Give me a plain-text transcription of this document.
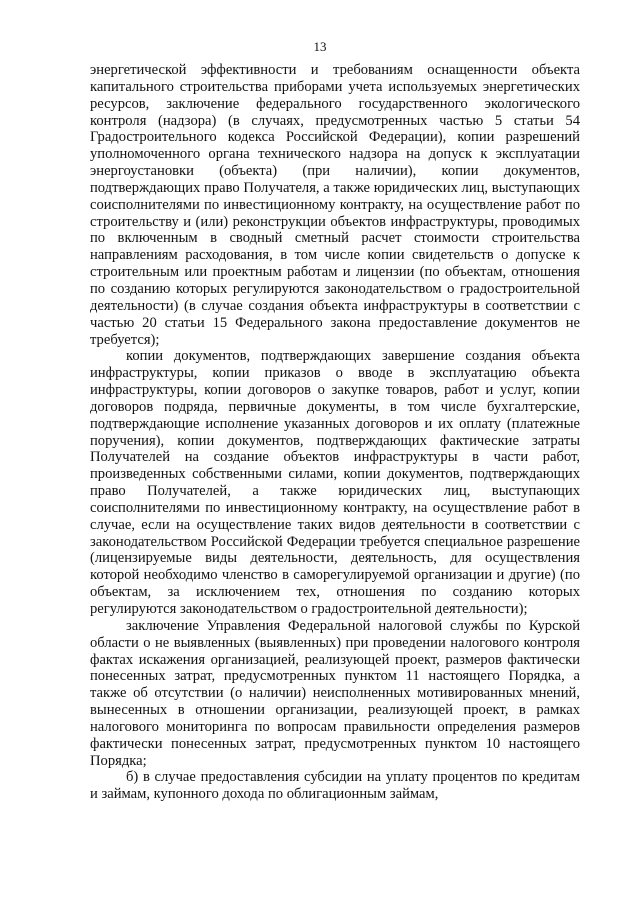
13

энергетической эффективности и требованиям оснащенности объекта капитального строительства приборами учета используемых энергетических ресурсов, заключение федерального государственного экологического контроля (надзора) (в случаях, предусмотренных частью 5 статьи 54 Градостроительного кодекса Российской Федерации), копии разрешений уполномоченного органа технического надзора на допуск к эксплуатации энергоустановки (объекта) (при наличии), копии документов, подтверждающих право Получателя, а также юридических лиц, выступающих соисполнителями по инвестиционному контракту, на осуществление работ по строительству и (или) реконструкции объектов инфраструктуры, проводимых по включенным в сводный сметный расчет стоимости строительства направлениям расходования, в том числе копии свидетельств о допуске к строительным или проектным работам и лицензии (по объектам, отношения по созданию которых регулируются законодательством о градостроительной деятельности) (в случае создания объекта инфраструктуры в соответствии с частью 20 статьи 15 Федерального закона предоставление документов не требуется);

копии документов, подтверждающих завершение создания объекта инфраструктуры, копии приказов о вводе в эксплуатацию объекта инфраструктуры, копии договоров о закупке товаров, работ и услуг, копии договоров подряда, первичные документы, в том числе бухгалтерские, подтверждающие исполнение указанных договоров и их оплату (платежные поручения), копии документов, подтверждающих фактические затраты Получателей на создание объектов инфраструктуры в части работ, произведенных собственными силами, копии документов, подтверждающих право Получателей, а также юридических лиц, выступающих соисполнителями по инвестиционному контракту, на осуществление работ в случае, если на осуществление таких видов деятельности в соответствии с законодательством Российской Федерации требуется специальное разрешение (лицензируемые виды деятельности, деятельность, для осуществления которой необходимо членство в саморегулируемой организации и другие) (по объектам, за исключением тех, отношения по созданию которых регулируются законодательством о градостроительной деятельности);

заключение Управления Федеральной налоговой службы по Курской области о не выявленных (выявленных) при проведении налогового контроля фактах искажения организацией, реализующей проект, размеров фактически понесенных затрат, предусмотренных пунктом 11 настоящего Порядка, а также об отсутствии (о наличии) неисполненных мотивированных мнений, вынесенных в отношении организации, реализующей проект, в рамках налогового мониторинга по вопросам правильности определения размеров фактически понесенных затрат, предусмотренных пунктом 10 настоящего Порядка;

б) в случае предоставления субсидии на уплату процентов по кредитам и займам, купонного дохода по облигационным займам,
